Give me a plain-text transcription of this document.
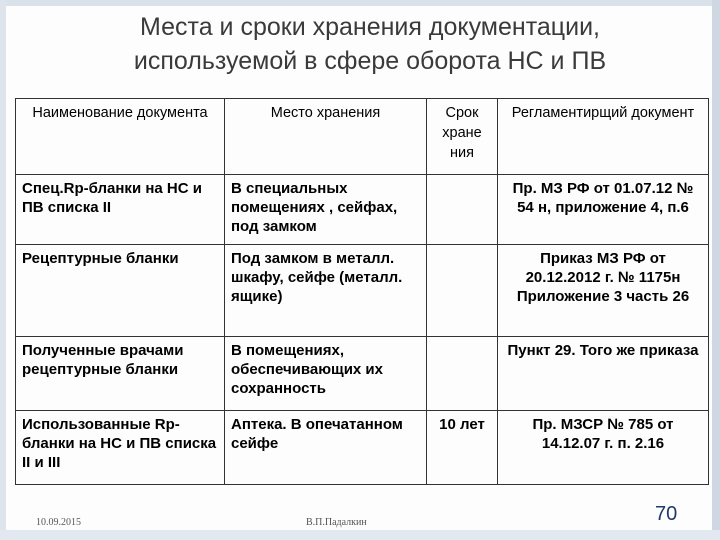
Места и сроки хранения документации,
используемой в сфере оборота НС и ПВ
Наименование документа	Место хранения	Срок хране ния	Регламентирщий документ
Спец.Rp-бланки на НС и ПВ списка II	В специальных помещениях , сейфах, под замком		Пр. МЗ РФ от 01.07.12 № 54 н, приложение 4, п.6
Рецептурные бланки	Под замком в металл. шкафу, сейфе (металл. ящике)		Приказ МЗ РФ от 20.12.2012 г. № 1175н Приложение 3 часть 26
Полученные врачами рецептурные бланки	В помещениях, обеспечивающих их сохранность		Пункт 29. Того же приказа
Использованные Rp-бланки на НС и ПВ списка II и III	Аптека. В опечатанном сейфе	10 лет	Пр. МЗСР № 785 от 14.12.07 г. п. 2.16
10.09.2015	В.П.Падалкин	70
